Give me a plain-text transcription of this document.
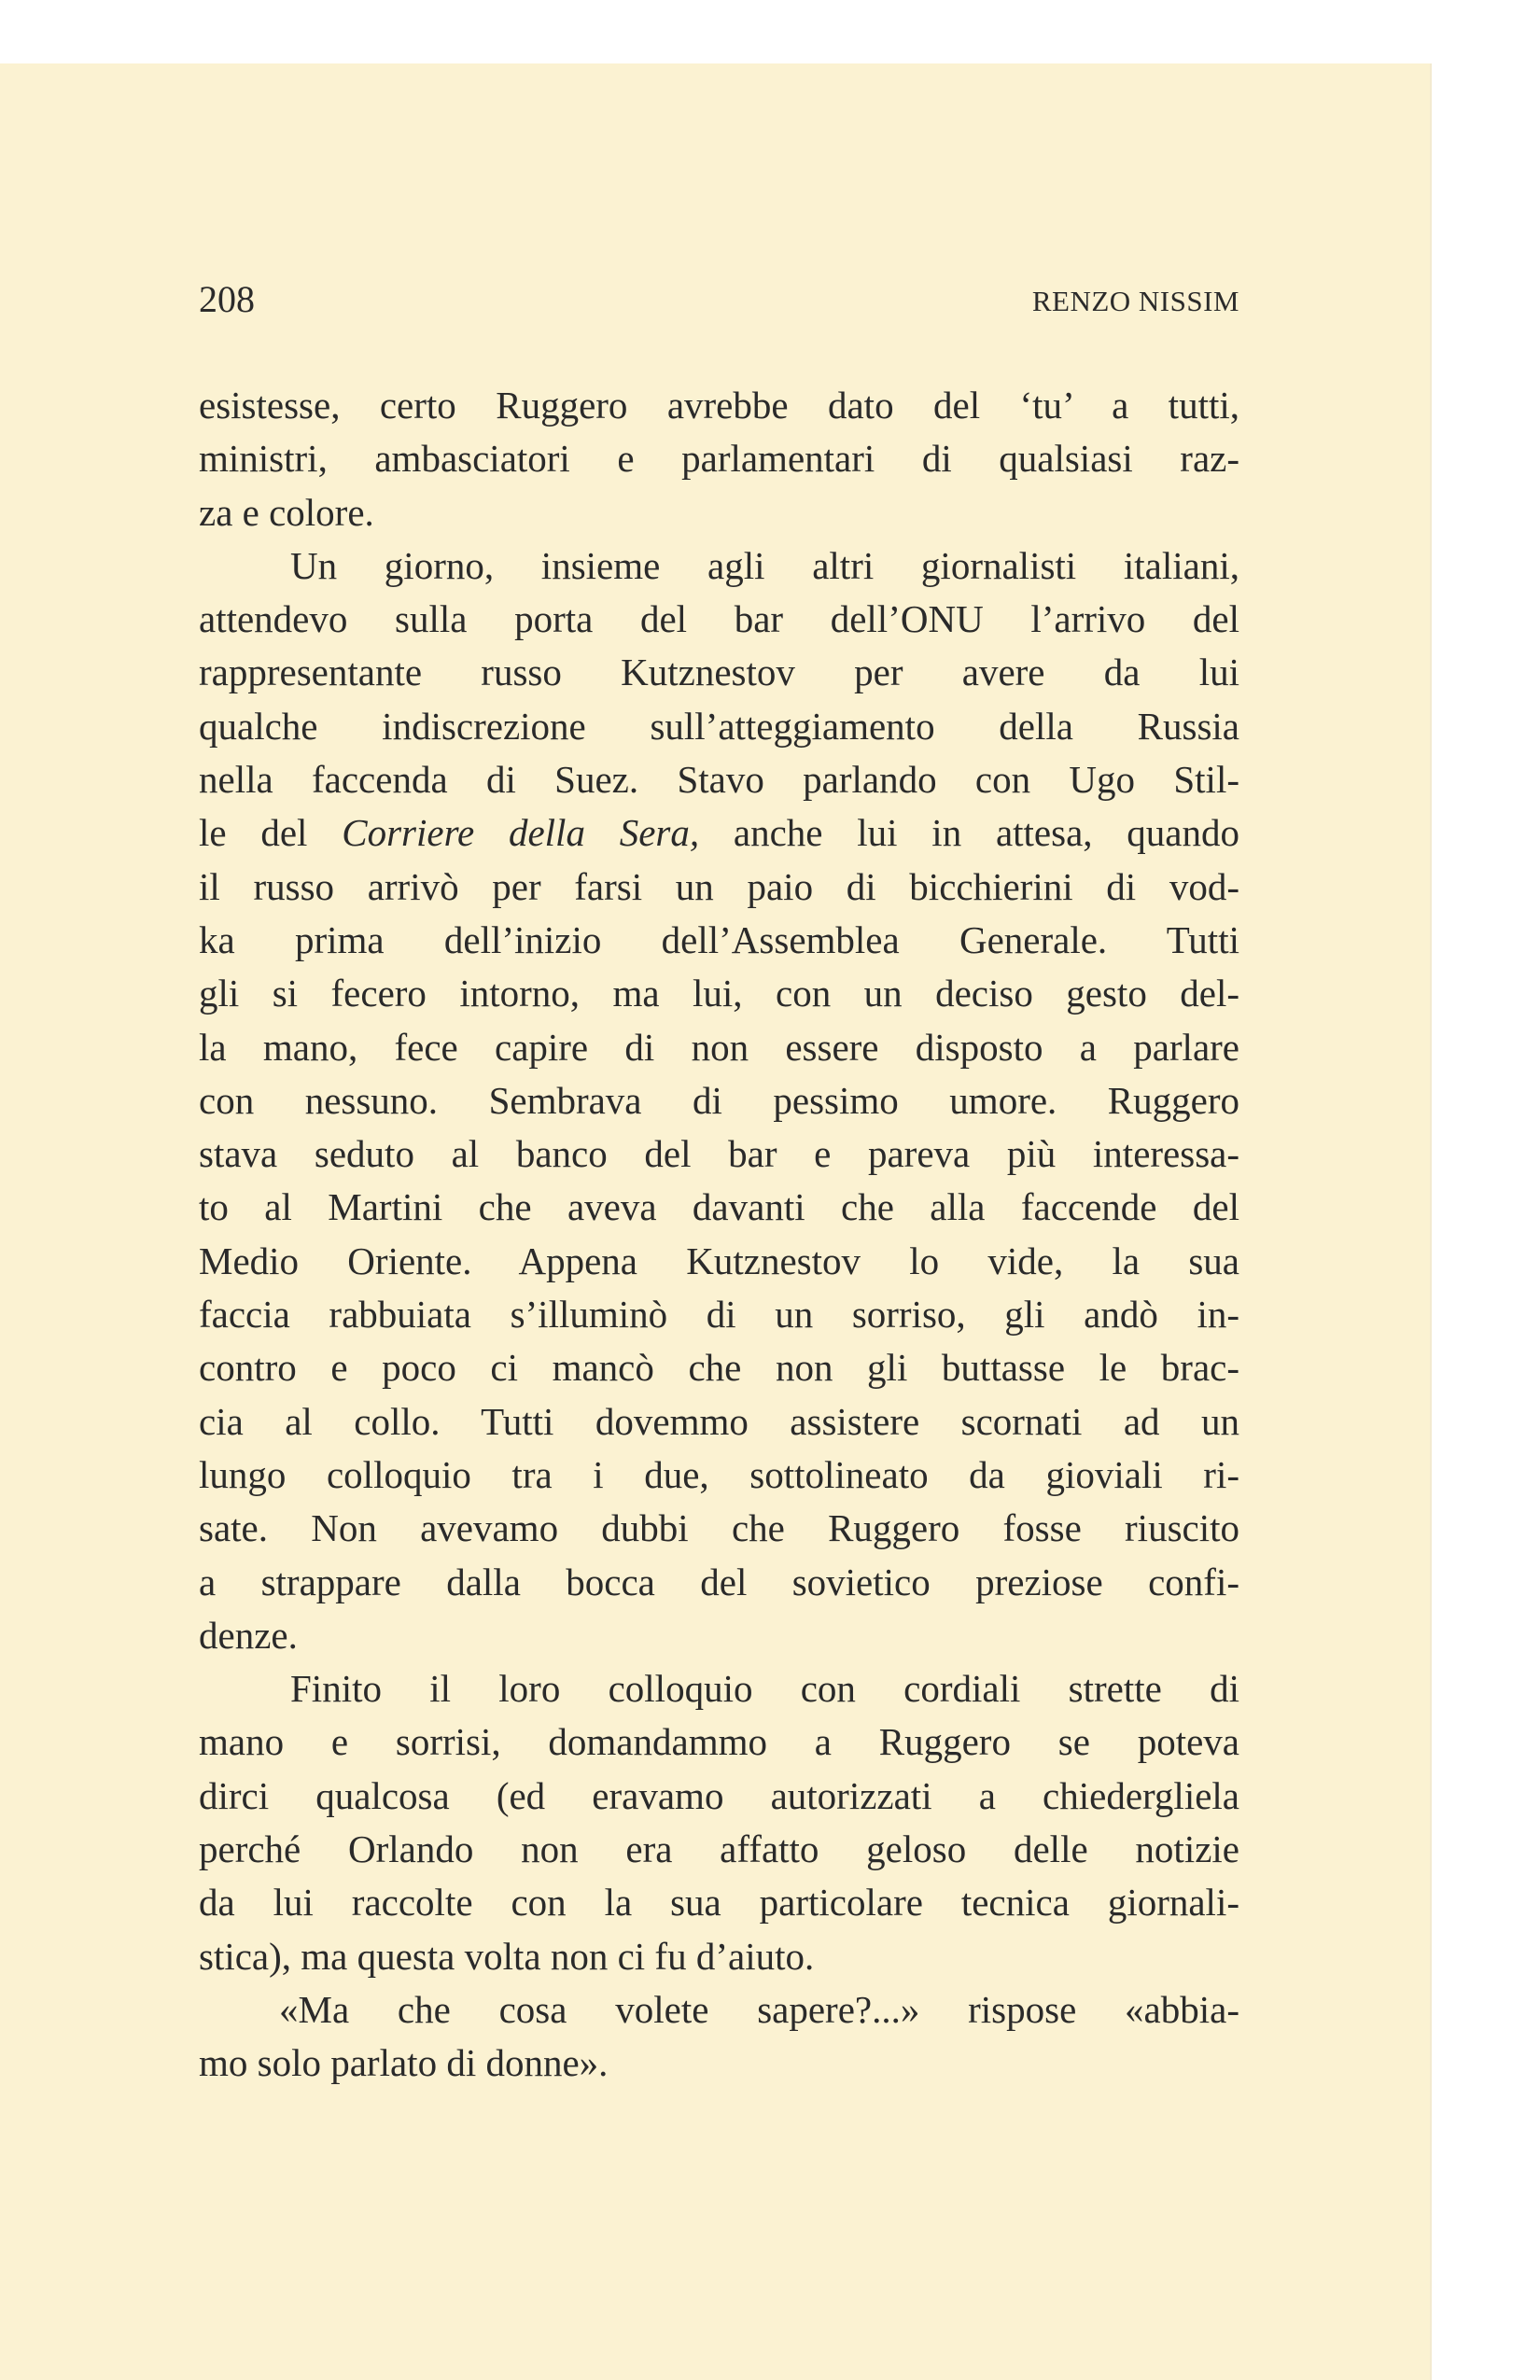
208	RENZO NISSIM
esistesse, certo Ruggero avrebbe dato del ‘tu’ a tutti,
ministri, ambasciatori e parlamentari di qualsiasi raz-
za e colore.
Un giorno, insieme agli altri giornalisti italiani,
attendevo sulla porta del bar dell’ONU l’arrivo del
rappresentante russo Kutznestov per avere da lui
qualche indiscrezione sull’atteggiamento della Russia
nella faccenda di Suez. Stavo parlando con Ugo Stil-
le del Corriere della Sera, anche lui in attesa, quando
il russo arrivò per farsi un paio di bicchierini di vod-
ka prima dell’inizio dell’Assemblea Generale. Tutti
gli si fecero intorno, ma lui, con un deciso gesto del-
la mano, fece capire di non essere disposto a parlare
con nessuno. Sembrava di pessimo umore. Ruggero
stava seduto al banco del bar e pareva più interessa-
to al Martini che aveva davanti che alla faccende del
Medio Oriente. Appena Kutznestov lo vide, la sua
faccia rabbuiata s’illuminò di un sorriso, gli andò in-
contro e poco ci mancò che non gli buttasse le brac-
cia al collo. Tutti dovemmo assistere scornati ad un
lungo colloquio tra i due, sottolineato da gioviali ri-
sate. Non avevamo dubbi che Ruggero fosse riuscito
a strappare dalla bocca del sovietico preziose confi-
denze.
Finito il loro colloquio con cordiali strette di
mano e sorrisi, domandammo a Ruggero se poteva
dirci qualcosa (ed eravamo autorizzati a chiedergliela
perché Orlando non era affatto geloso delle notizie
da lui raccolte con la sua particolare tecnica giornali-
stica), ma questa volta non ci fu d’aiuto.
«Ma che cosa volete sapere?...» rispose «abbia-
mo solo parlato di donne».
